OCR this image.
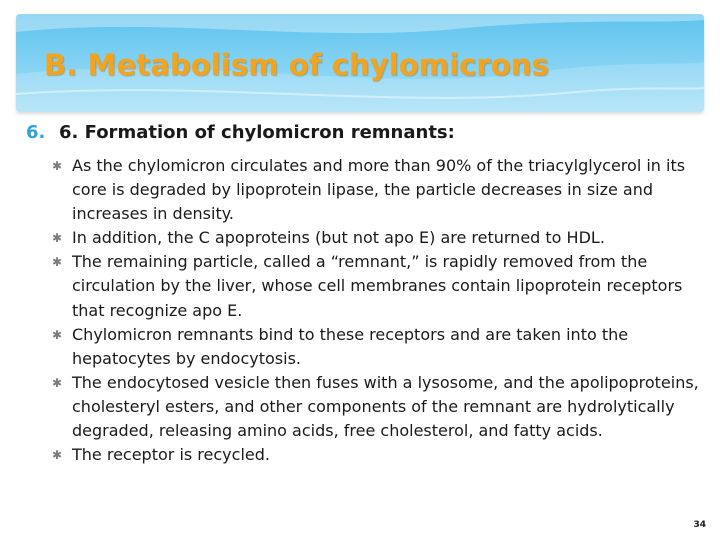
B. Metabolism of chylomicrons
6. 6. Formation of chylomicron remnants:
✱ As the chylomicron circulates and more than 90% of the triacylglycerol in its core is degraded by lipoprotein lipase, the particle decreases in size and increases in density.
✱ In addition, the C apoproteins (but not apo E) are returned to HDL.
✱ The remaining particle, called a “remnant,” is rapidly removed from the circulation by the liver, whose cell membranes contain lipoprotein receptors that recognize apo E.
✱ Chylomicron remnants bind to these receptors and are taken into the hepatocytes by endocytosis.
✱ The endocytosed vesicle then fuses with a lysosome, and the apolipoproteins, cholesteryl esters, and other components of the remnant are hydrolytically degraded, releasing amino acids, free cholesterol, and fatty acids.
✱ The receptor is recycled.
34
